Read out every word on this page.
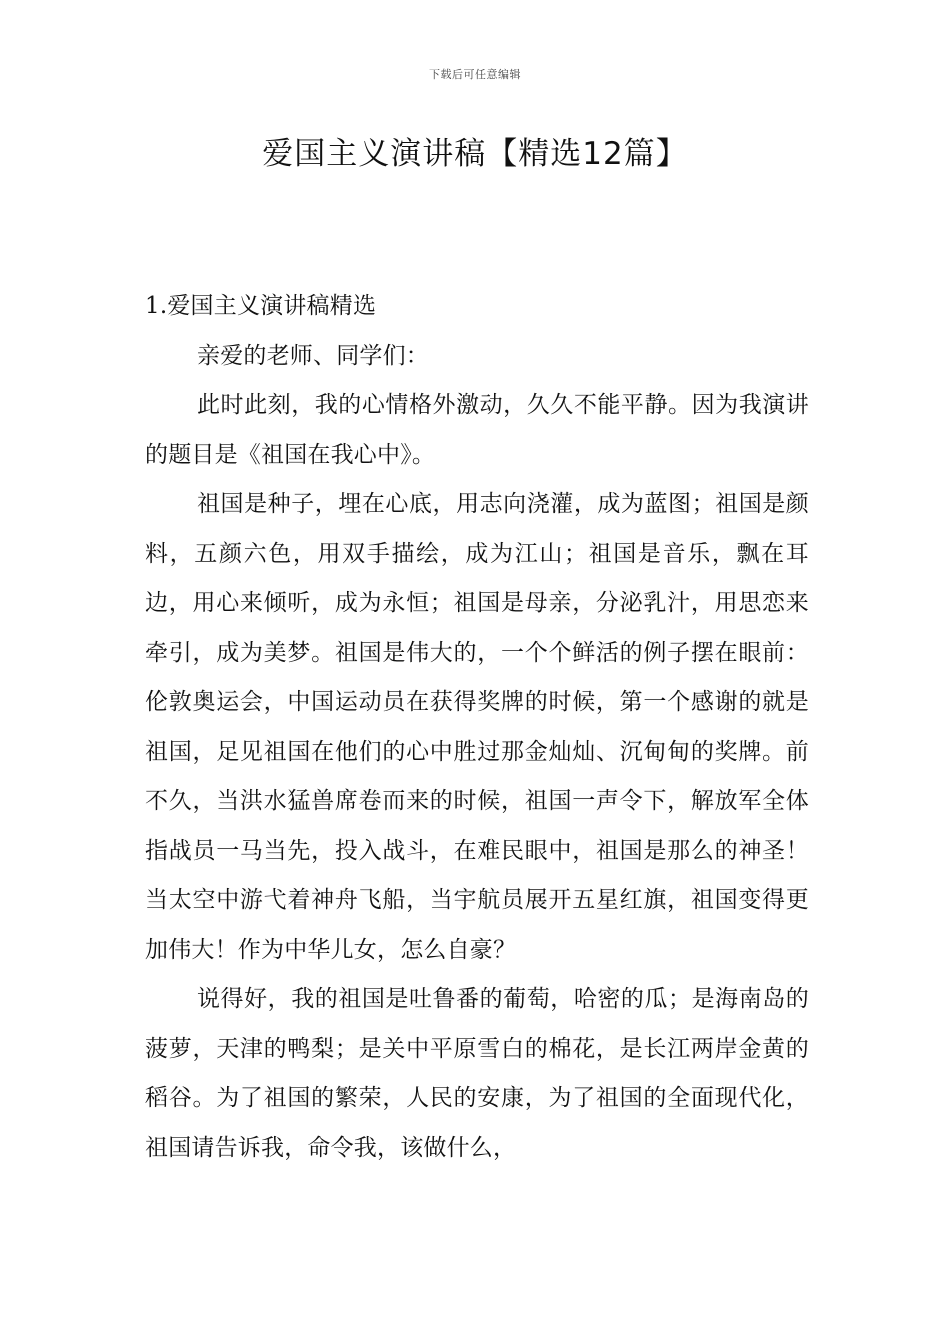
下载后可任意编辑
爱国主义演讲稿【精选12篇】

1.爱国主义演讲稿精选

亲爱的老师、同学们：

此时此刻，我的心情格外激动，久久不能平静。因为我演讲的题目是《祖国在我心中》。

祖国是种子，埋在心底，用志向浇灌，成为蓝图；祖国是颜料，五颜六色，用双手描绘，成为江山；祖国是音乐，飘在耳边，用心来倾听，成为永恒；祖国是母亲，分泌乳汁，用思恋来牵引，成为美梦。祖国是伟大的，一个个鲜活的例子摆在眼前：伦敦奥运会，中国运动员在获得奖牌的时候，第一个感谢的就是祖国，足见祖国在他们的心中胜过那金灿灿、沉甸甸的奖牌。前不久，当洪水猛兽席卷而来的时候，祖国一声令下，解放军全体指战员一马当先，投入战斗，在难民眼中，祖国是那么的神圣！当太空中游弋着神舟飞船，当宇航员展开五星红旗，祖国变得更加伟大！作为中华儿女，怎么自豪？

说得好，我的祖国是吐鲁番的葡萄，哈密的瓜；是海南岛的菠萝，天津的鸭梨；是关中平原雪白的棉花，是长江两岸金黄的稻谷。为了祖国的繁荣，人民的安康，为了祖国的全面现代化，祖国请告诉我，命令我，该做什么，
